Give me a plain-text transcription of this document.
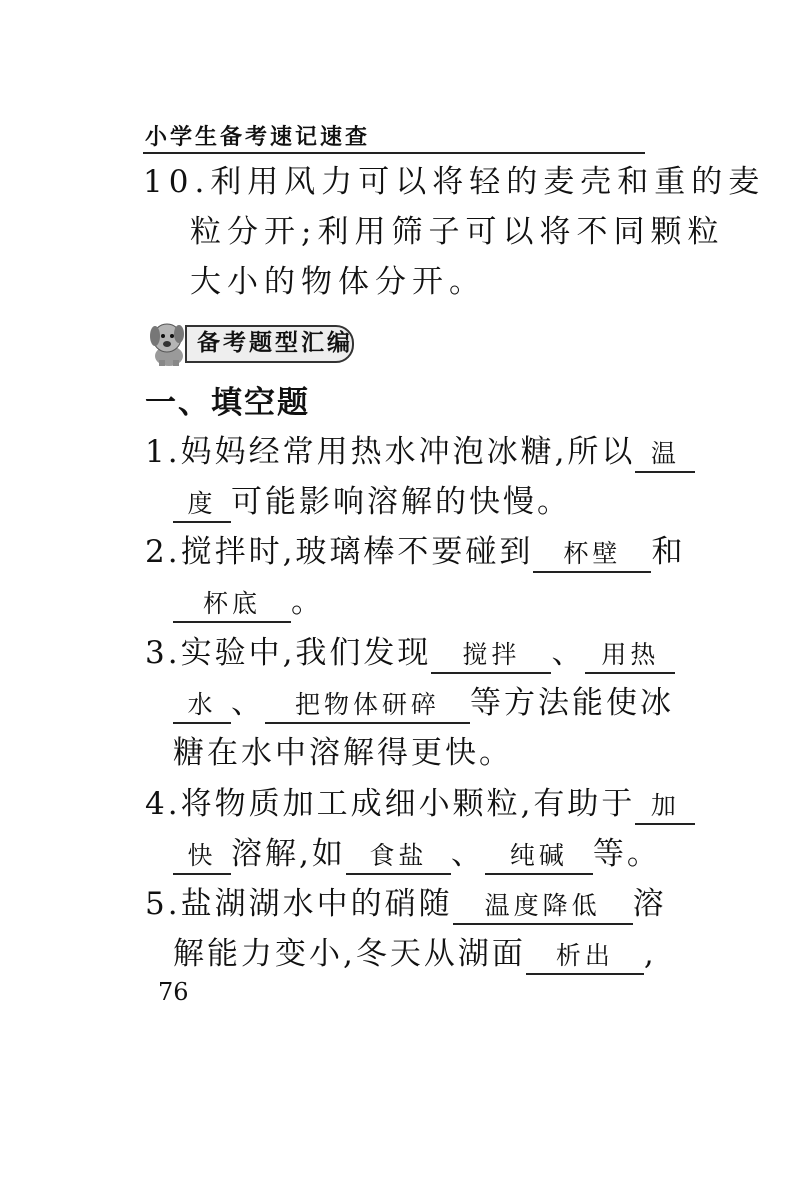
小学生备考速记速查
10.利用风力可以将轻的麦壳和重的麦
粒分开;利用筛子可以将不同颗粒
大小的物体分开。
备考题型汇编
一、填空题
1.妈妈经常用热水冲泡冰糖,所以 温
度 可能影响溶解的快慢。
2.搅拌时,玻璃棒不要碰到 杯壁 和
杯底 。
3.实验中,我们发现 搅拌 、 用热
水 、 把物体研碎 等方法能使冰
糖在水中溶解得更快。
4.将物质加工成细小颗粒,有助于 加
快 溶解,如 食盐 、 纯碱 等。
5.盐湖湖水中的硝随 温度降低 溶
解能力变小,冬天从湖面 析出 ,
76
